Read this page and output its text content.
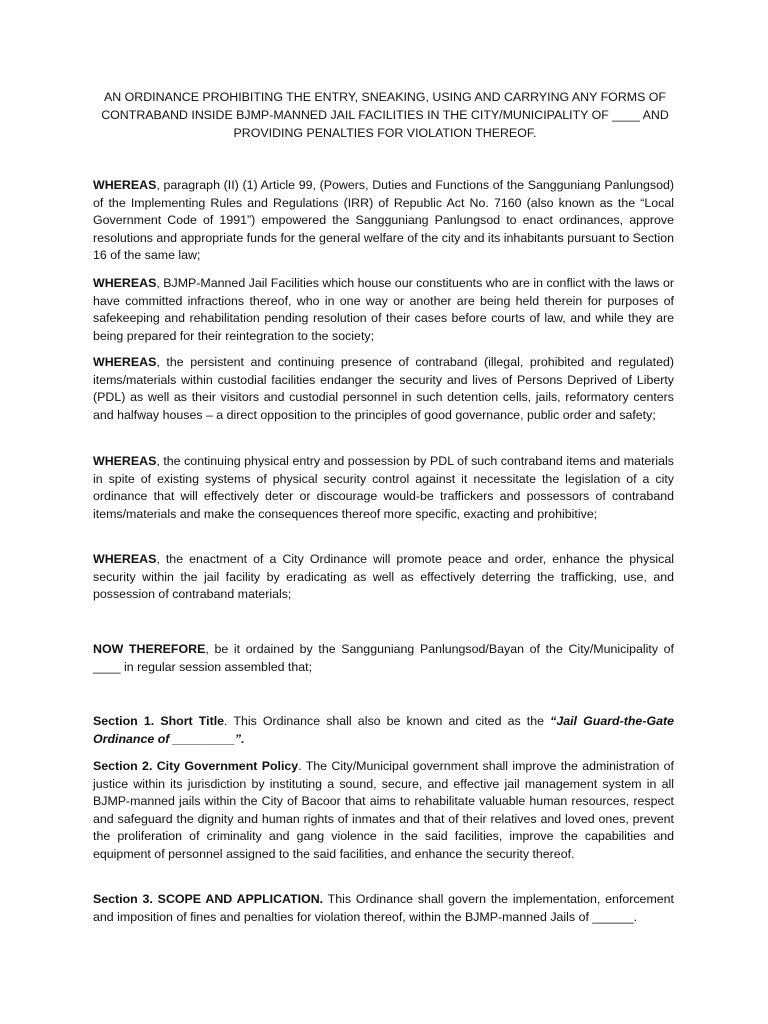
AN ORDINANCE PROHIBITING THE ENTRY, SNEAKING, USING AND CARRYING ANY FORMS OF CONTRABAND INSIDE BJMP-MANNED JAIL FACILITIES IN THE CITY/MUNICIPALITY OF ____ AND PROVIDING PENALTIES FOR VIOLATION THEREOF.

WHEREAS, paragraph (II) (1) Article 99, (Powers, Duties and Functions of the Sangguniang Panlungsod) of the Implementing Rules and Regulations (IRR) of Republic Act No. 7160 (also known as the “Local Government Code of 1991”) empowered the Sangguniang Panlungsod to enact ordinances, approve resolutions and appropriate funds for the general welfare of the city and its inhabitants pursuant to Section 16 of the same law;

WHEREAS, BJMP-Manned Jail Facilities which house our constituents who are in conflict with the laws or have committed infractions thereof, who in one way or another are being held therein for purposes of safekeeping and rehabilitation pending resolution of their cases before courts of law, and while they are being prepared for their reintegration to the society;

WHEREAS, the persistent and continuing presence of contraband (illegal, prohibited and regulated) items/materials within custodial facilities endanger the security and lives of Persons Deprived of Liberty (PDL) as well as their visitors and custodial personnel in such detention cells, jails, reformatory centers and halfway houses – a direct opposition to the principles of good governance, public order and safety;

WHEREAS, the continuing physical entry and possession by PDL of such contraband items and materials in spite of existing systems of physical security control against it necessitate the legislation of a city ordinance that will effectively deter or discourage would-be traffickers and possessors of contraband items/materials and make the consequences thereof more specific, exacting and prohibitive;

WHEREAS, the enactment of a City Ordinance will promote peace and order, enhance the physical security within the jail facility by eradicating as well as effectively deterring the trafficking, use, and possession of contraband materials;

NOW THEREFORE, be it ordained by the Sangguniang Panlungsod/Bayan of the City/Municipality of ____ in regular session assembled that;

Section 1. Short Title. This Ordinance shall also be known and cited as the “Jail Guard-the-Gate Ordinance of _________”.

Section 2. City Government Policy. The City/Municipal government shall improve the administration of justice within its jurisdiction by instituting a sound, secure, and effective jail management system in all BJMP-manned jails within the City of Bacoor that aims to rehabilitate valuable human resources, respect and safeguard the dignity and human rights of inmates and that of their relatives and loved ones, prevent the proliferation of criminality and gang violence in the said facilities, improve the capabilities and equipment of personnel assigned to the said facilities, and enhance the security thereof.

Section 3. SCOPE AND APPLICATION. This Ordinance shall govern the implementation, enforcement and imposition of fines and penalties for violation thereof, within the BJMP-manned Jails of ______.
